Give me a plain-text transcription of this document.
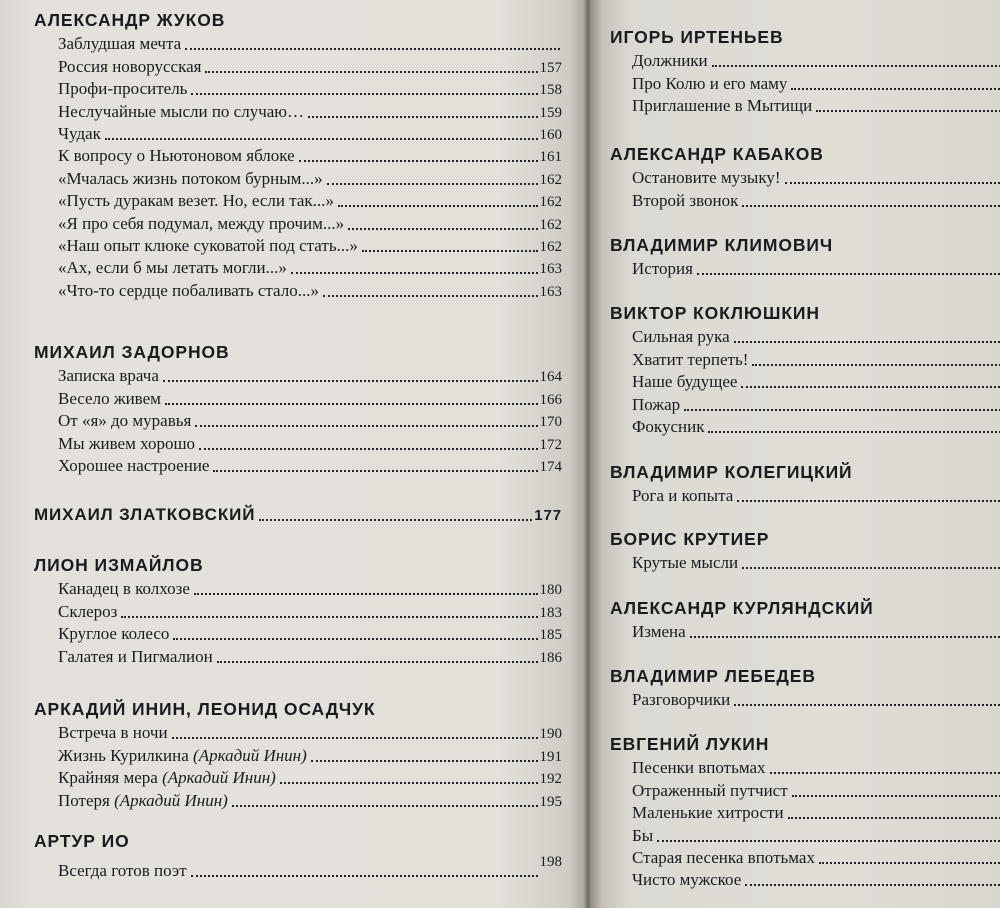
АЛЕКСАНДР ЖУКОВ
Заблудшая мечта
Россия новорусская	157
Профи-проситель	158
Неслучайные мысли по случаю…	159
Чудак	160
К вопросу о Ньютоновом яблоке	161
«Мчалась жизнь потоком бурным...»	162
«Пусть дуракам везет. Но, если так...»	162
«Я про себя подумал, между прочим...»	162
«Наш опыт клюке суковатой под стать...»	162
«Ах, если б мы летать могли...»	163
«Что-то сердце побаливать стало...»	163
МИХАИЛ ЗАДОРНОВ
Записка врача	164
Весело живем	166
От «я» до муравья	170
Мы живем хорошо	172
Хорошее настроение	174
МИХАИЛ ЗЛАТКОВСКИЙ	177
ЛИОН ИЗМАЙЛОВ
Канадец в колхозе	180
Склероз	183
Круглое колесо	185
Галатея и Пигмалион	186
АРКАДИЙ ИНИН, ЛЕОНИД ОСАДЧУК
Встреча в ночи	190
Жизнь Курилкина (Аркадий Инин)	191
Крайняя мера (Аркадий Инин)	192
Потеря (Аркадий Инин)	195
АРТУР ИО
Всегда готов поэт	198
ИГОРЬ ИРТЕНЬЕВ
Должники
Про Колю и его маму
Приглашение в Мытищи
АЛЕКСАНДР КАБАКОВ
Остановите музыку!
Второй звонок
ВЛАДИМИР КЛИМОВИЧ
История
ВИКТОР КОКЛЮШКИН
Сильная рука
Хватит терпеть!
Наше будущее
Пожар
Фокусник
ВЛАДИМИР КОЛЕГИЦКИЙ
Рога и копыта
БОРИС КРУТИЕР
Крутые мысли
АЛЕКСАНДР КУРЛЯНДСКИЙ
Измена
ВЛАДИМИР ЛЕБЕДЕВ
Разговорчики
ЕВГЕНИЙ ЛУКИН
Песенки впотьмах
Отраженный путчист
Маленькие хитрости
Бы
Старая песенка впотьмах
Чисто мужское
